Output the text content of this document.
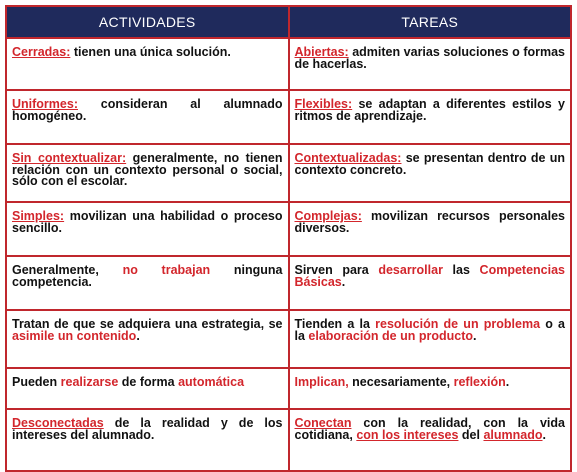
ACTIVIDADES	TAREAS
Cerradas: tienen una única solución.	Abiertas: admiten varias soluciones o formas de hacerlas.
Uniformes: consideran al alumnado homogéneo.	Flexibles: se adaptan a diferentes estilos y ritmos de aprendizaje.
Sin contextualizar: generalmente, no tienen relación con un contexto personal o social, sólo con el escolar.	Contextualizadas: se presentan dentro de un contexto concreto.
Simples: movilizan una habilidad o proceso sencillo.	Complejas: movilizan recursos personales diversos.
Generalmente, no trabajan ninguna competencia.	Sirven para desarrollar las Competencias Básicas.
Tratan de que se adquiera una estrategia, se asimile un contenido.	Tienden a la resolución de un problema o a la elaboración de un producto.
Pueden realizarse de forma automática	Implican, necesariamente, reflexión.
Desconectadas de la realidad y de los intereses del alumnado.	Conectan con la realidad, con la vida cotidiana, con los intereses del alumnado.
